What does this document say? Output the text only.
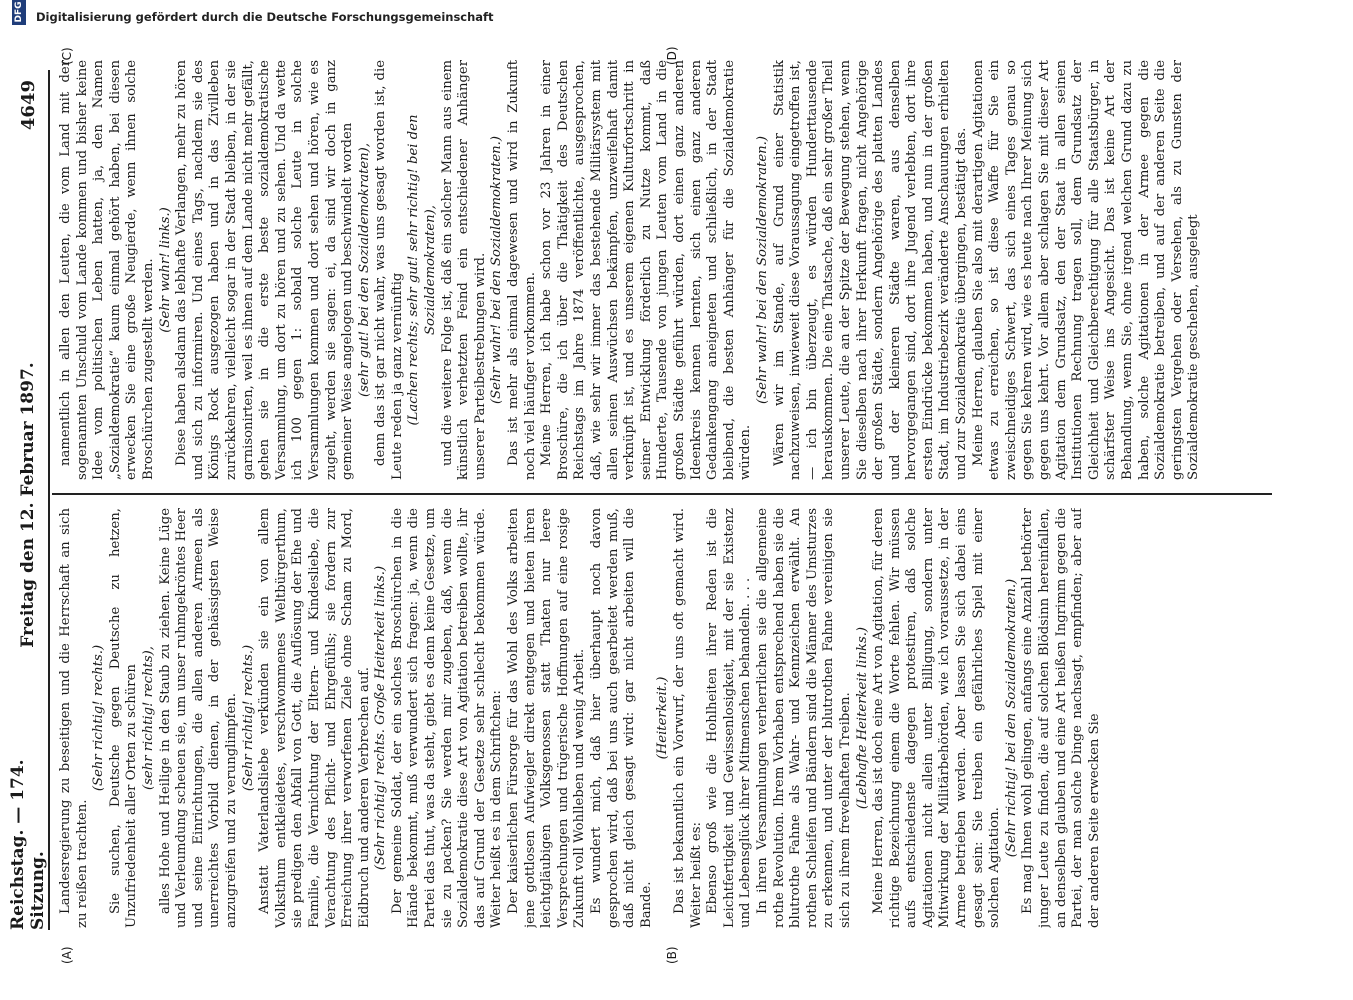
Reichstag. — 174. Sitzung.
Freitag den 12. Februar 1897.
4649
(A)	(B)
(C)	(D)

Landesregierung zu beseitigen und die Herrschaft an sich zu reißen trachten.

(Sehr richtig! rechts.) Sie suchen, Deutsche gegen Deutsche zu hetzen, Unzufriedenheit aller Orten zu schüren (sehr richtig! rechts), alles Hohe und Heilige in den Staub zu ziehen. Keine Lüge und Verleumdung scheuen sie, um unser ruhmgekröntes Heer und seine Einrichtungen, die allen anderen Armeen als unerreichtes Vorbild dienen, in der gehässigsten Weise anzugreifen und zu verunglimpfen. (Sehr richtig! rechts.) Anstatt Vaterlandsliebe verkünden sie ein von allem Volksthum entkleidetes, verschwommenes Weltbürgerthum, sie predigen den Abfall von Gott, die Auflösung der Ehe und Familie, die Vernichtung der Eltern- und Kindesliebe, die Verachtung des Pflicht- und Ehrgefühls; sie fordern zur Erreichung ihrer verworfenen Ziele ohne Scham zu Mord, Eidbruch und anderen Verbrechen auf. (Sehr richtig! rechts. Große Heiterkeit links.) Der gemeine Soldat, der ein solches Broschürchen in die Hände bekommt, muß verwundert sich fragen: ja, wenn die Partei das thut, was da steht, giebt es denn keine Gesetze, um sie zu packen? Sie werden mir zugeben, daß, wenn die Sozialdemokratie diese Art von Agitation betreiben wollte, ihr das auf Grund der Gesetze sehr schlecht bekommen würde. Weiter heißt es in dem Schriftchen: Der kaiserlichen Fürsorge für das Wohl des Volks arbeiten jene gottlosen Aufwiegler direkt entgegen und bieten ihren leichtgläubigen Volksgenossen statt Thaten nur leere Versprechungen und trügerische Hoffnungen auf eine rosige Zukunft voll Wohlleben und wenig Arbeit. Es wundert mich, daß hier überhaupt noch davon gesprochen wird, daß bei uns auch gearbeitet werden muß, daß nicht gleich gesagt wird: gar nicht arbeiten will die Bande.

(Heiterkeit.) Das ist bekanntlich ein Vorwurf, der uns oft gemacht wird. Weiter heißt es: Ebenso groß wie die Hohlheiten ihrer Reden ist die Leichtfertigkeit und Gewissenlosigkeit, mit der sie Existenz und Lebensglück ihrer Mitmenschen behandeln. . . . In ihren Versammlungen verherrlichen sie die allgemeine rothe Revolution. Ihrem Vorhaben entsprechend haben sie die blutrothe Fahne als Wahr- und Kennzeichen erwählt. An rothen Schleifen und Bändern sind die Männer des Umsturzes zu erkennen, und unter der blutrothen Fahne vereinigen sie sich zu ihrem frevelhaften Treiben. (Lebhafte Heiterkeit links.) Meine Herren, das ist doch eine Art von Agitation, für deren richtige Bezeichnung einem die Worte fehlen. Wir müssen aufs entschiedenste dagegen protestiren, daß solche Agitationen nicht allein unter Billigung, sondern unter Mitwirkung der Militärbehörden, wie ich voraussetze, in der Armee betrieben werden. Aber lassen Sie sich dabei eins gesagt sein: Sie treiben ein gefährliches Spiel mit einer solchen Agitation.

(Sehr richtig! bei den Sozialdemokraten.) Es mag Ihnen wohl gelingen, anfangs eine Anzahl bethörter junger Leute zu finden, die auf solchen Blödsinn hereinfallen, an denselben glauben und eine Art heißen Ingrimm gegen die Partei, der man solche Dinge nachsagt, empfinden; aber auf der anderen Seite erwecken Sie

namentlich in allen den Leuten, die vom Land mit der sogenannten Unschuld vom Lande kommen und bisher keine Idee vom politischen Leben hatten, ja, den Namen „Sozialdemokratie“ kaum einmal gehört haben, bei diesen erwecken Sie eine große Neugierde, wenn ihnen solche Broschürchen zugestellt werden. (Sehr wahr! links.) Diese haben alsdann das lebhafte Verlangen, mehr zu hören und sich zu informiren. Und eines Tags, nachdem sie des Königs Rock ausgezogen haben und in das Zivilleben zurückkehren, vielleicht sogar in der Stadt bleiben, in der sie garnisonirten, weil es ihnen auf dem Lande nicht mehr gefällt, gehen sie in die erste beste sozialdemokratische Versammlung, um dort zu hören und zu sehen. Und da wette ich 100 gegen 1: sobald solche Leute in solche Versammlungen kommen und dort sehen und hören, wie es zugeht, werden sie sagen: ei, da sind wir doch in ganz gemeiner Weise angelogen und beschwindelt worden (sehr gut! bei den Sozialdemokraten), denn das ist gar nicht wahr, was uns gesagt worden ist, die Leute reden ja ganz vernünftig (Lachen rechts; sehr gut! sehr richtig! bei den Sozialdemokraten), und die weitere Folge ist, daß ein solcher Mann aus einem künstlich verhetzten Feind ein entschiedener Anhänger unserer Parteibestrebungen wird. (Sehr wahr! bei den Sozialdemokraten.) Das ist mehr als einmal dagewesen und wird in Zukunft noch viel häufiger vorkommen. Meine Herren, ich habe schon vor 23 Jahren in einer Broschüre, die ich über die Thätigkeit des Deutschen Reichstags im Jahre 1874 veröffentlichte, ausgesprochen, daß, wie sehr wir immer das bestehende Militärsystem mit allen seinen Auswüchsen bekämpfen, unzweifelhaft damit verknüpft ist, und es unserem eigenen Kulturfortschritt in seiner Entwicklung förderlich zu Nutze kommt, daß Hunderte, Tausende von jungen Leuten vom Land in die großen Städte geführt würden, dort einen ganz anderen Ideenkreis kennen lernten, sich einen ganz anderen Gedankengang aneigneten und schließlich, in der Stadt bleibend, die besten Anhänger für die Sozialdemokratie würden.

(Sehr wahr! bei den Sozialdemokraten.) Wären wir im Stande, auf Grund einer Statistik nachzuweisen, inwieweit diese Voraussagung eingetroffen ist, — ich bin überzeugt, es würden Hunderttausende herauskommen. Die eine Thatsache, daß ein sehr großer Theil unserer Leute, die an der Spitze der Bewegung stehen, wenn Sie dieselben nach ihrer Herkunft fragen, nicht Angehörige der großen Städte, sondern Angehörige des platten Landes und der kleineren Städte waren, aus denselben hervorgegangen sind, dort ihre Jugend verlebten, dort ihre ersten Eindrücke bekommen haben, und nun in der großen Stadt, im Industriebezirk veränderte Anschauungen erhielten und zur Sozialdemokratie übergingen, bestätigt das. Meine Herren, glauben Sie also mit derartigen Agitationen etwas zu erreichen, so ist diese Waffe für Sie ein zweischneidiges Schwert, das sich eines Tages genau so gegen Sie kehren wird, wie es heute nach Ihrer Meinung sich gegen uns kehrt. Vor allem aber schlagen Sie mit dieser Art Agitation dem Grundsatz, den der Staat in allen seinen Institutionen Rechnung tragen soll, dem Grundsatz der Gleichheit und Gleichberechtigung für alle Staatsbürger, in schärfster Weise ins Angesicht. Das ist keine Art der Behandlung, wenn Sie, ohne irgend welchen Grund dazu zu haben, solche Agitationen in der Armee gegen die Sozialdemokratie betreiben, und auf der anderen Seite die geringsten Vergehen oder Versehen, als zu Gunsten der Sozialdemokratie geschehen, ausgelegt

DFG Digitalisierung gefördert durch die Deutsche Forschungsgemeinschaft
